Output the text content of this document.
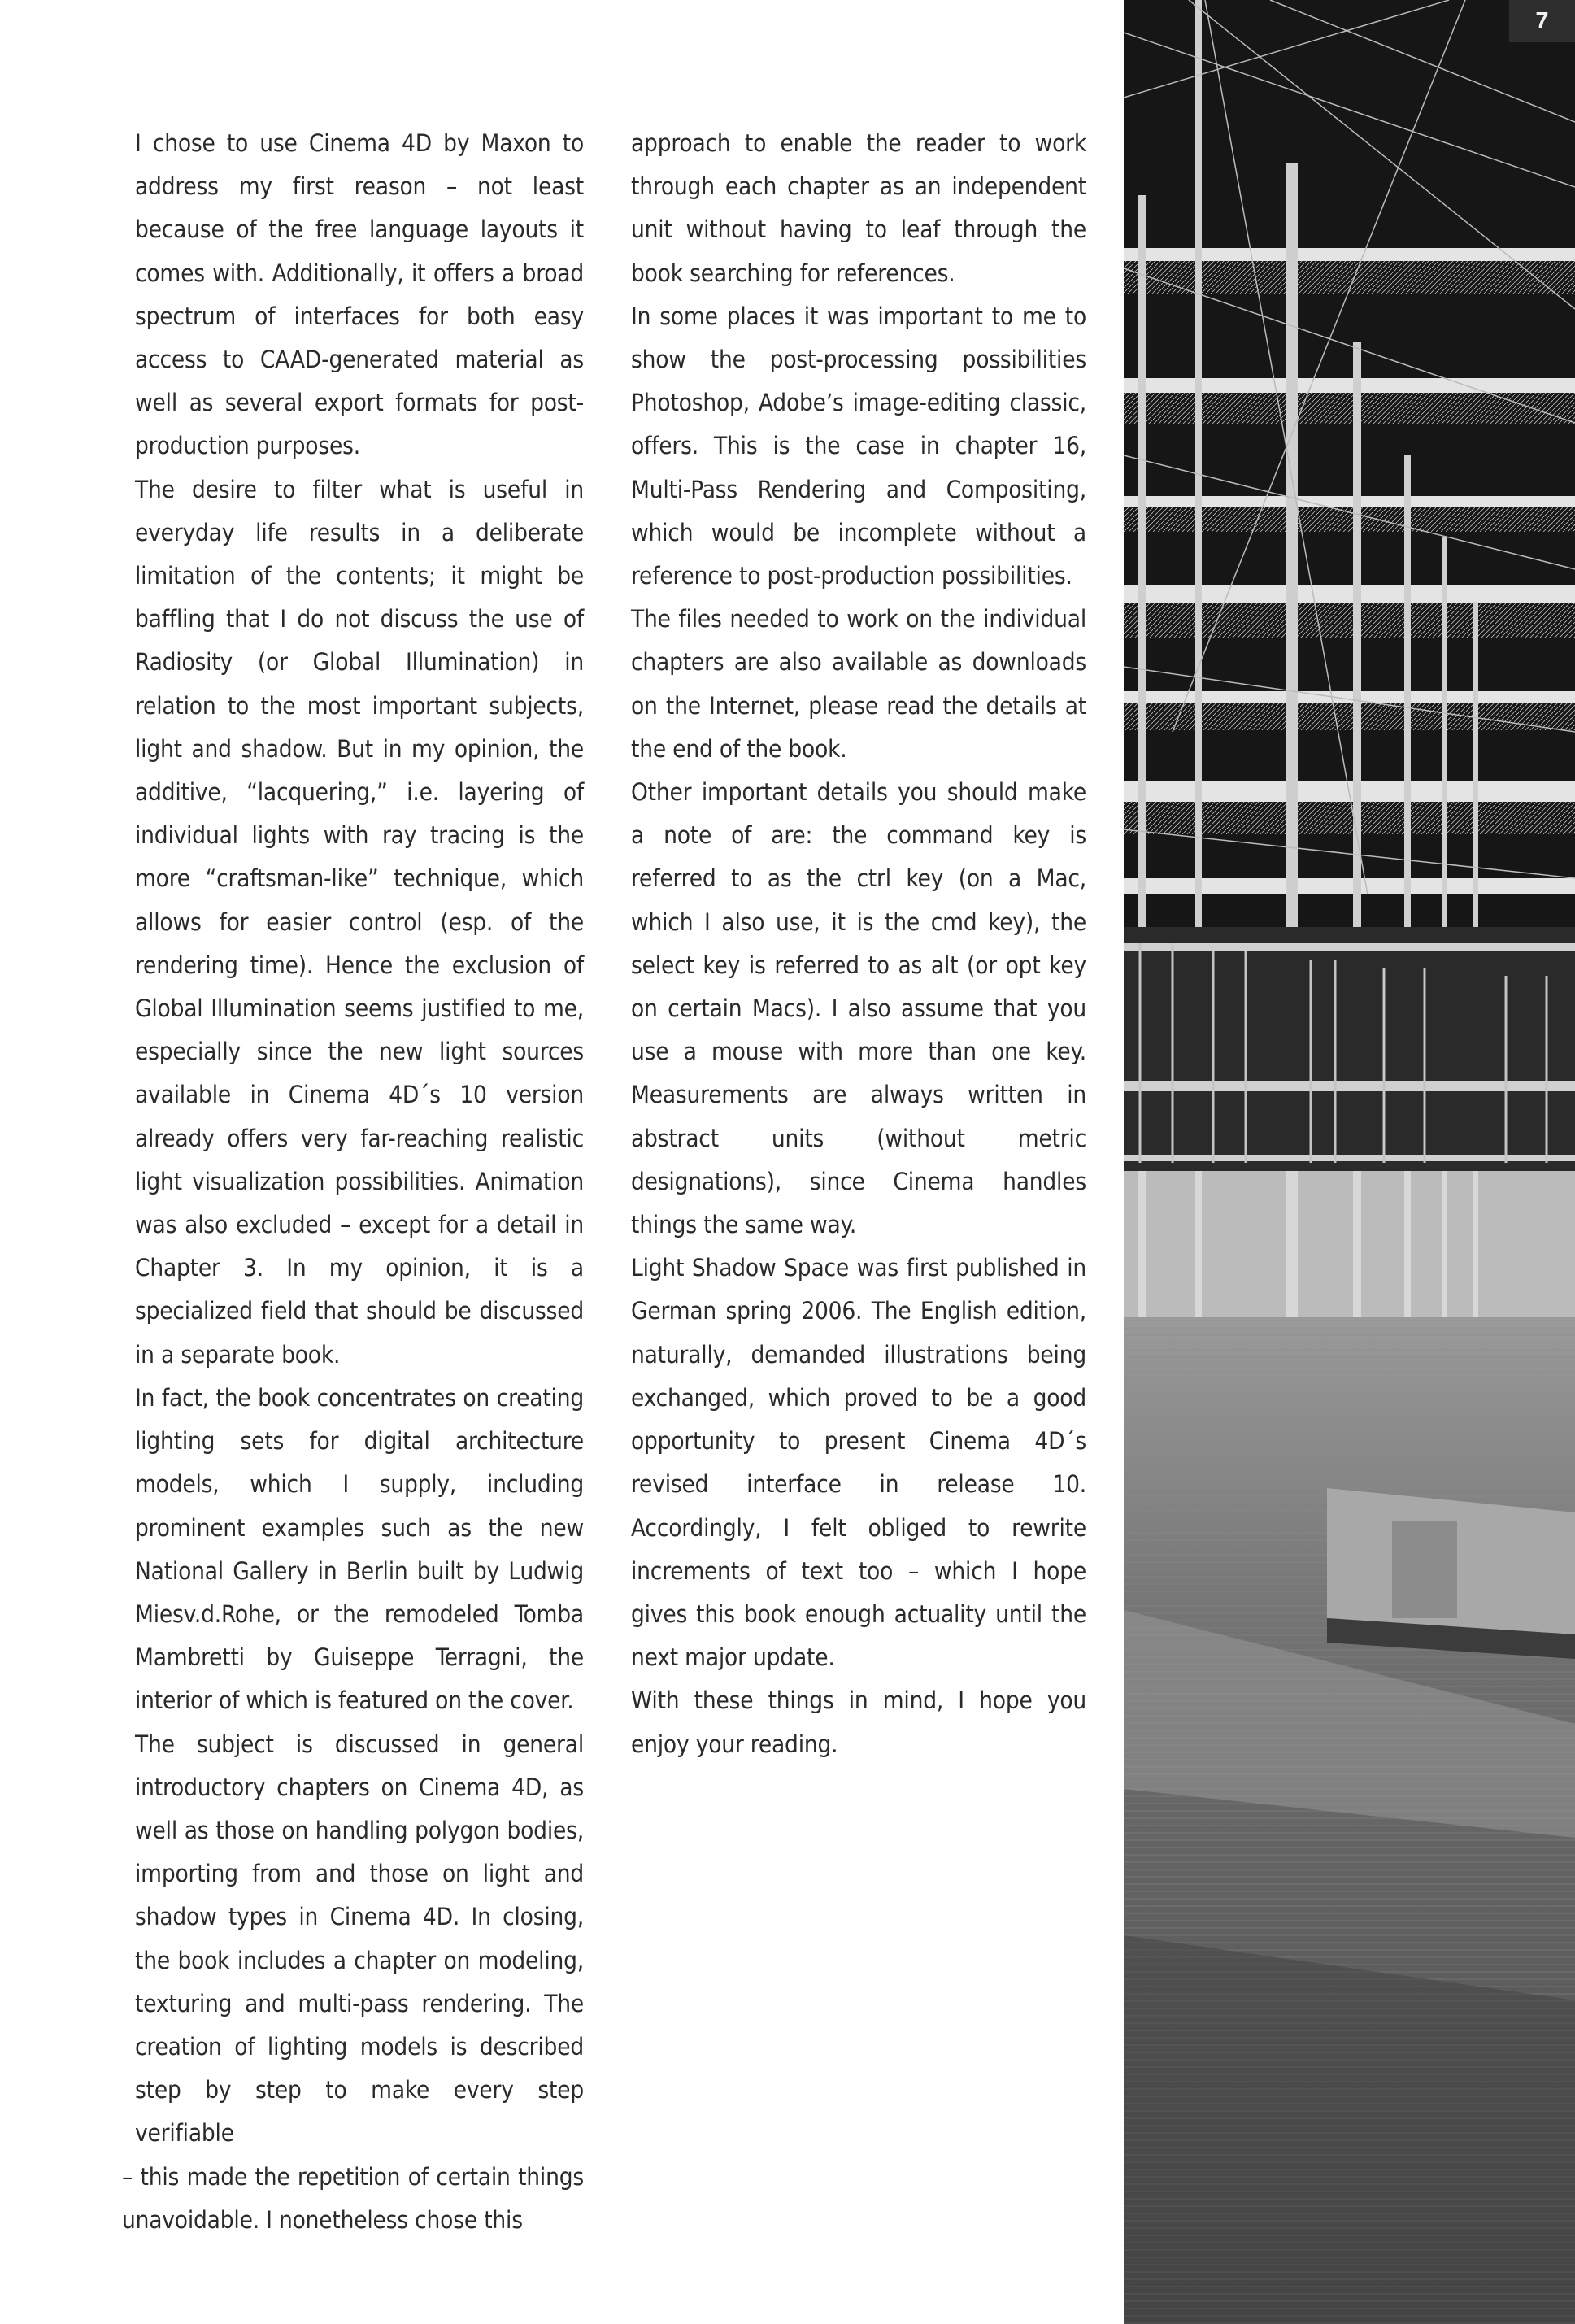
I chose to use Cinema 4D by Maxon to address my first reason – not least because of the free language layouts it comes with. Additionally, it offers a broad spectrum of interfaces for both easy access to CAAD-generated material as well as several export formats for post-production purposes.

The desire to filter what is useful in everyday life results in a deliberate limitation of the contents; it might be baffling that I do not discuss the use of Radiosity (or Global Illumination) in relation to the most important subjects, light and shadow. But in my opinion, the additive, “lacquering,” i.e. layering of individual lights with ray tracing is the more “craftsman-like” technique, which allows for easier control (esp. of the rendering time). Hence the exclusion of Global Illumination seems justified to me, especially since the new light sources available in Cinema 4D´s 10 version already offers very far-reaching realistic light visualization possibilities. Animation was also excluded – except for a detail in Chapter 3. In my opinion, it is a specialized field that should be discussed in a separate book.

In fact, the book concentrates on creating lighting sets for digital architecture models, which I supply, including prominent examples such as the new National Gallery in Berlin built by Ludwig Miesv.d.Rohe, or the remodeled Tomba Mambretti by Guiseppe Terragni, the interior of which is featured on the cover.

The subject is discussed in general introductory chapters on Cinema 4D, as well as those on handling polygon bodies, importing from and those on light and shadow types in Cinema 4D. In closing, the book includes a chapter on modeling, texturing and multi-pass rendering. The creation of lighting models is described step by step to make every step verifiable

– this made the repetition of certain things unavoidable. I nonetheless chose this

approach to enable the reader to work through each chapter as an independent unit without having to leaf through the book searching for references.

In some places it was important to me to show the post-processing possibilities Photoshop, Adobe’s image-editing classic, offers. This is the case in chapter 16, Multi-Pass Rendering and Compositing, which would be incomplete without a reference to post-production possibilities.

The files needed to work on the individual chapters are also available as downloads on the Internet, please read the details at the end of the book.

Other important details you should make a note of are: the command key is referred to as the ctrl key (on a Mac, which I also use, it is the cmd key), the select key is referred to as alt (or opt key on certain Macs). I also assume that you use a mouse with more than one key. Measurements are always written in abstract units (without metric designations), since Cinema handles things the same way.

Light Shadow Space was first published in German spring 2006. The English edition, naturally, demanded illustrations being exchanged, which proved to be a good opportunity to present Cinema 4D´s revised interface in release 10. Accordingly, I felt obliged to rewrite increments of text too – which I hope gives this book enough actuality until the next major update.

With these things in mind, I hope you enjoy your reading.

7
